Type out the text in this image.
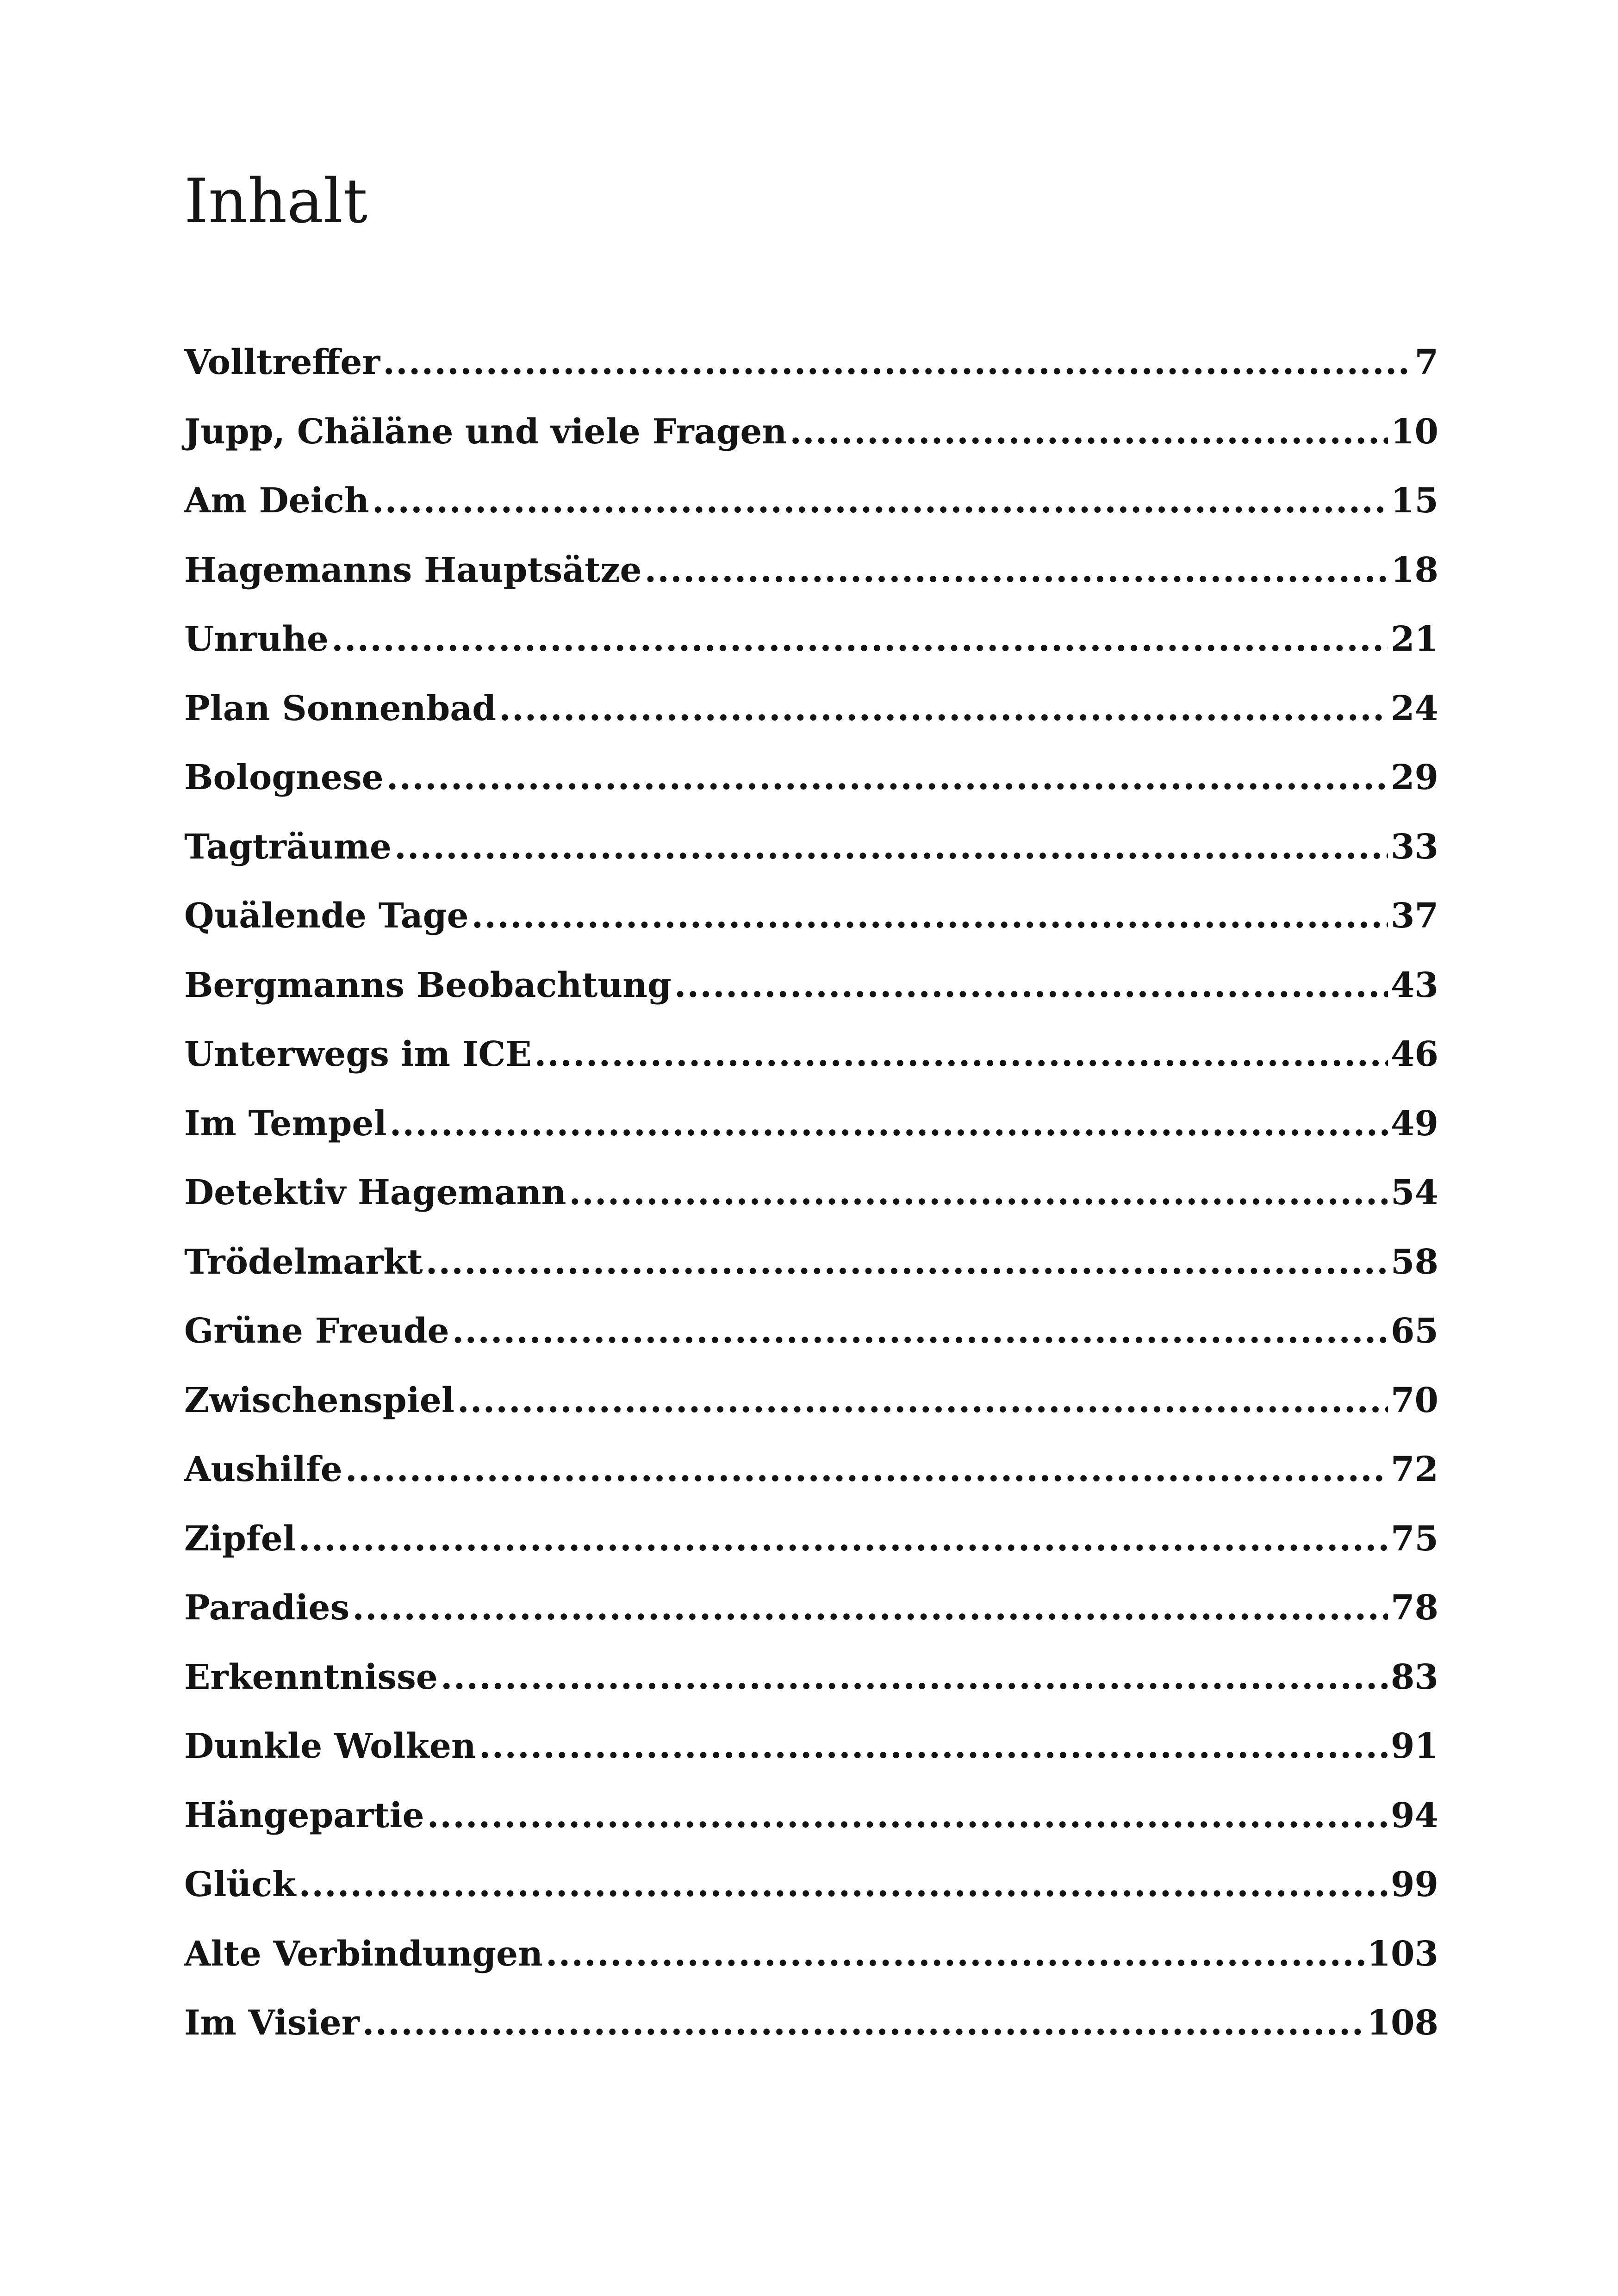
Inhalt
Volltreffer .....	7
Jupp, Chäläne und viele Fragen .....	10
Am Deich .....	15
Hagemanns Hauptsätze .....	18
Unruhe .....	21
Plan Sonnenbad .....	24
Bolognese .....	29
Tagträume .....	33
Quälende Tage .....	37
Bergmanns Beobachtung .....	43
Unterwegs im ICE .....	46
Im Tempel .....	49
Detektiv Hagemann .....	54
Trödelmarkt .....	58
Grüne Freude .....	65
Zwischenspiel .....	70
Aushilfe .....	72
Zipfel .....	75
Paradies .....	78
Erkenntnisse .....	83
Dunkle Wolken .....	91
Hängepartie .....	94
Glück .....	99
Alte Verbindungen .....	103
Im Visier .....	108
